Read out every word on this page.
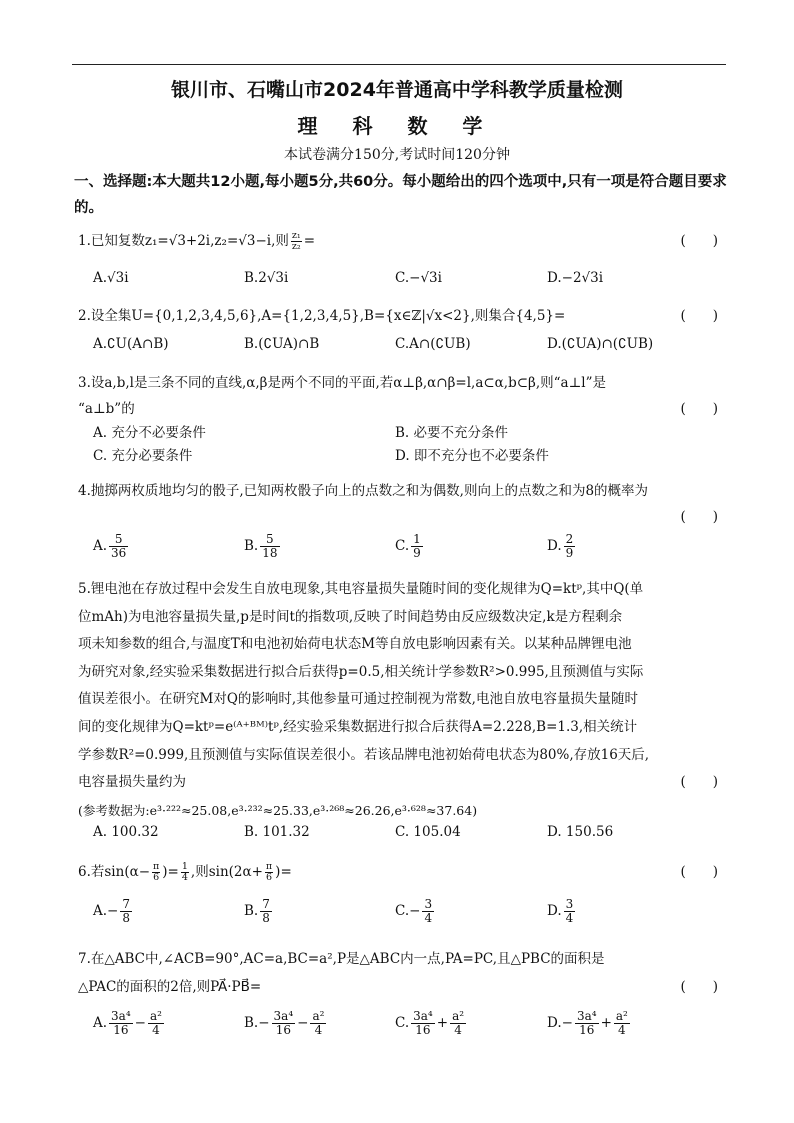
银川市、石嘴山市2024年普通高中学科教学质量检测
理 科 数 学
本试卷满分150分,考试时间120分钟
一、选择题:本大题共12小题,每小题5分,共60分。每小题给出的四个选项中,只有一项是符合题目要求的。
1.已知复数z₁=√3+2i,z₂=√3−i,则 $\frac{\text{z₁}}{\text{z₂}}$ =	(　　)
A.√3i	B.2√3i	C.−√3i	D.−2√3i
2.设全集U={0,1,2,3,4,5,6},A={1,2,3,4,5},B={x∈ℤ|√x<2},则集合{4,5}=	(　　)
A.∁U(A∩B)	B.(∁UA)∩B	C.A∩(∁UB)	D.(∁UA)∩(∁UB)
3.设a,b,l是三条不同的直线,α,β是两个不同的平面,若α⊥β,α∩β=l,a⊂α,b⊂β,则“a⊥l”是
“a⊥b”的	(　　)
A. 充分不必要条件	B. 必要不充分条件
C. 充分必要条件	D. 即不充分也不必要条件
4.抛掷两枚质地均匀的骰子,已知两枚骰子向上的点数之和为偶数,则向上的点数之和为8的概率为
(　　)
A. $\frac{5}{36}$	B. $\frac{5}{18}$	C. $\frac{1}{9}$	D. $\frac{2}{9}$
5.锂电池在存放过程中会发生自放电现象,其电容量损失量随时间的变化规律为Q=ktᵖ,其中Q(单
位mAh)为电池容量损失量,p是时间t的指数项,反映了时间趋势由反应级数决定,k是方程剩余
项未知参数的组合,与温度T和电池初始荷电状态M等自放电影响因素有关。以某种品牌锂电池
为研究对象,经实验采集数据进行拟合后获得p=0.5,相关统计学参数R²>0.995,且预测值与实际
值误差很小。在研究M对Q的影响时,其他参量可通过控制视为常数,电池自放电容量损失量随时
间的变化规律为Q=ktᵖ=e⁽ᴬ⁺ᴮᴹ⁾tᵖ,经实验采集数据进行拟合后获得A=2.228,B=1.3,相关统计
学参数R²=0.999,且预测值与实际值误差很小。若该品牌电池初始荷电状态为80%,存放16天后,
电容量损失量约为	(　　)
(参考数据为:e³·²²²≈25.08,e³·²³²≈25.33,e³·²⁶⁸≈26.26,e³·⁶²⁸≈37.64)
A. 100.32	B. 101.32	C. 105.04	D. 150.56
6.若$\sin(\alpha- \frac{\pi}{6}$ )= $\frac{1}{4}$ ,则$\sin(2\alpha+ \frac{\pi}{6}$ )=	(　　)
$A.- \frac{7}{8}$	B. $\frac{7}{8}$	$C.- \frac{3}{4}$	D. $\frac{3}{4}$
7.在△ABC中,∠ACB=90°,AC=a,BC=a²,P是△ABC内一点,PA=PC,且△PBC的面积是
△PAC的面积的2倍,则PA⃗·PB⃗=	(　　)
A. $\frac{\text{3a⁴}}{16} - \frac{\text{a²}}{4}$	$B.- \frac{\text{3a⁴}}{16} - \frac{\text{a²}}{4}$	C. $\frac{\text{3a⁴}}{16} + \frac{\text{a²}}{4}$	$D.- \frac{\text{3a⁴}}{16} + \frac{\text{a²}}{4}$
